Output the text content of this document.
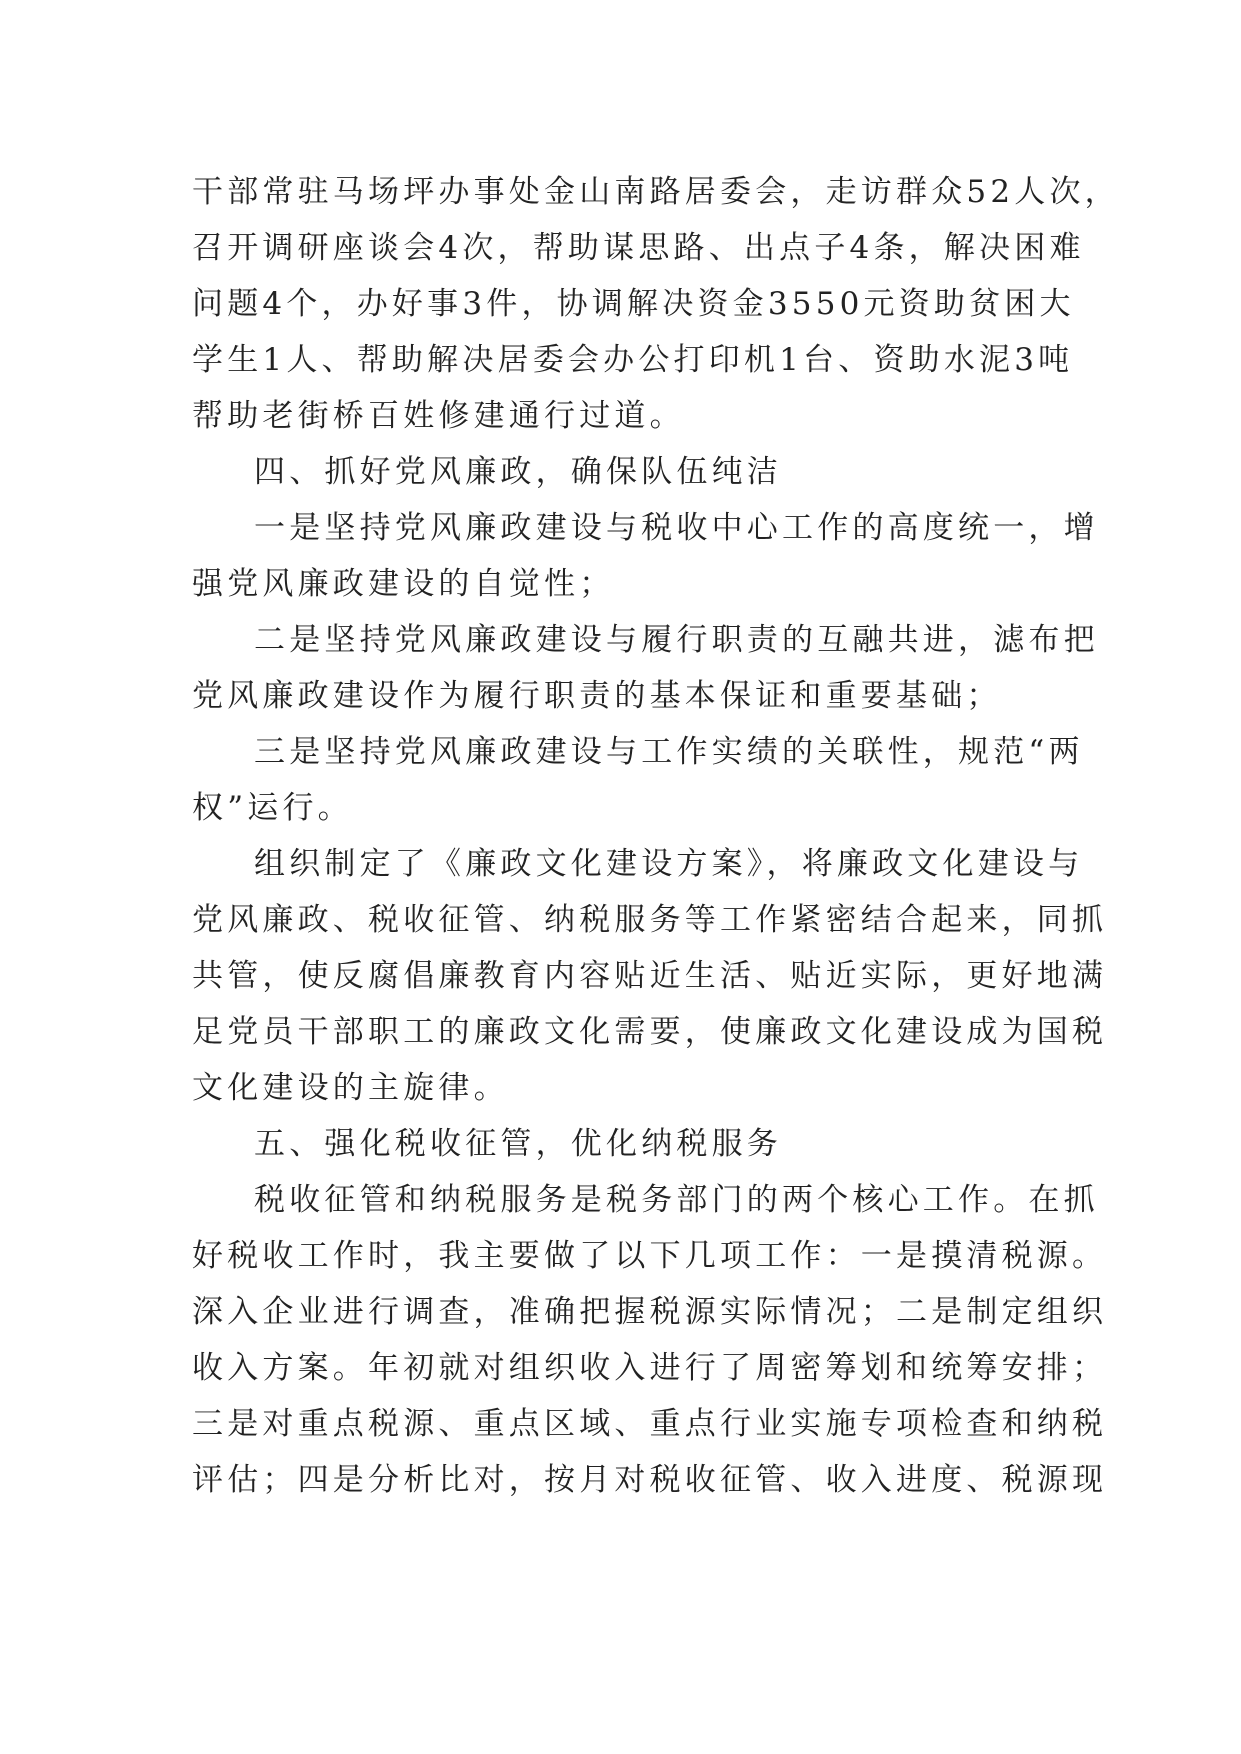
干部常驻马场坪办事处金山南路居委会，走访群众52人次，
召开调研座谈会4次，帮助谋思路、出点子4条，解决困难
问题4个，办好事3件，协调解决资金3550元资助贫困大
学生1人、帮助解决居委会办公打印机1台、资助水泥3吨
帮助老街桥百姓修建通行过道。
四、抓好党风廉政，确保队伍纯洁
一是坚持党风廉政建设与税收中心工作的高度统一，增
强党风廉政建设的自觉性；
二是坚持党风廉政建设与履行职责的互融共进，滤布把
党风廉政建设作为履行职责的基本保证和重要基础；
三是坚持党风廉政建设与工作实绩的关联性，规范“两
权”运行。
组织制定了《廉政文化建设方案》，将廉政文化建设与
党风廉政、税收征管、纳税服务等工作紧密结合起来，同抓
共管，使反腐倡廉教育内容贴近生活、贴近实际，更好地满
足党员干部职工的廉政文化需要，使廉政文化建设成为国税
文化建设的主旋律。
五、强化税收征管，优化纳税服务
税收征管和纳税服务是税务部门的两个核心工作。在抓
好税收工作时，我主要做了以下几项工作：一是摸清税源。
深入企业进行调查，准确把握税源实际情况；二是制定组织
收入方案。年初就对组织收入进行了周密筹划和统筹安排；
三是对重点税源、重点区域、重点行业实施专项检查和纳税
评估；四是分析比对，按月对税收征管、收入进度、税源现
